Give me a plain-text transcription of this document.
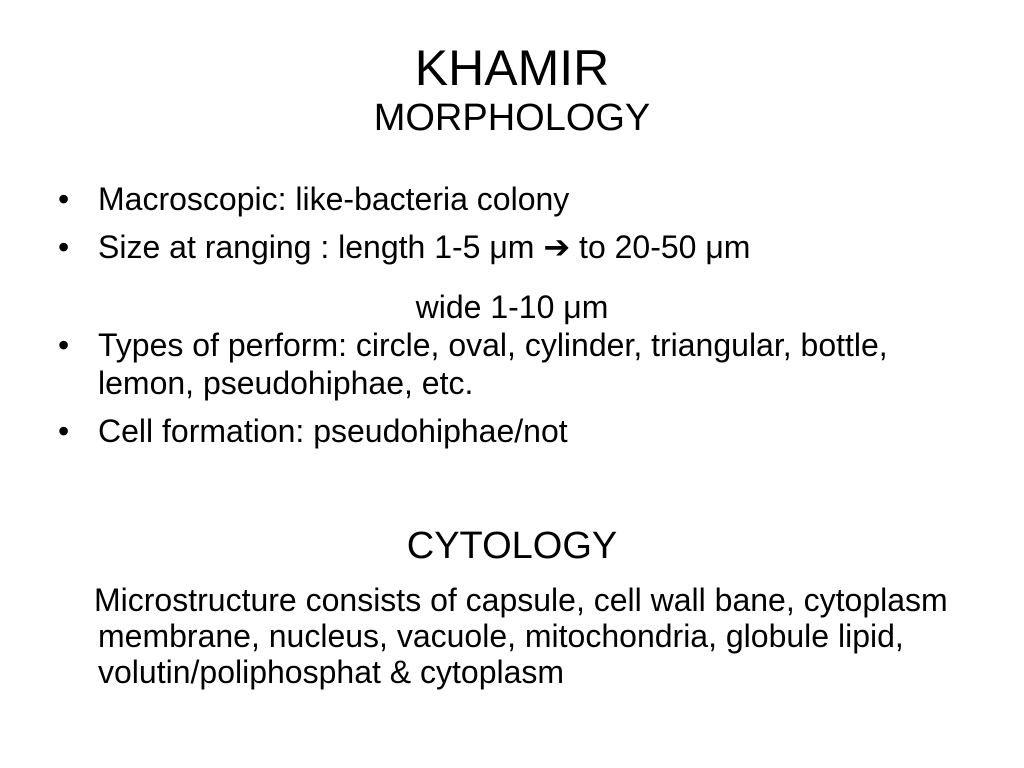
KHAMIR
MORPHOLOGY
• Macroscopic: like-bacteria colony
• Size at ranging : length 1-5 μm ➔ to 20-50 μm
• Types of perform: circle, oval, cylinder, triangular, bottle, lemon, pseudohiphae, etc.
• Cell formation: pseudohiphae/not
wide 1-10 μm
CYTOLOGY
Microstructure consists of capsule, cell wall bane, cytoplasm membrane, nucleus, vacuole, mitochondria, globule lipid, volutin/poliphosphat & cytoplasm
